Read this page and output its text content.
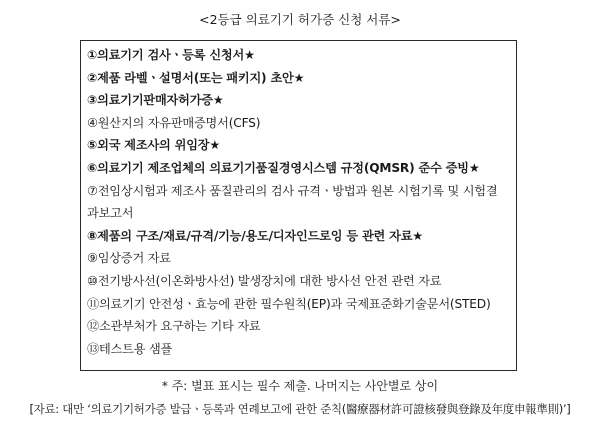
<2등급 의료기기 허가증 신청 서류>
①의료기기 검사ㆍ등록 신청서★
②제품 라벨ㆍ설명서(또는 패키지) 초안★
③의료기기판매자허가증★
④원산지의 자유판매증명서(CFS)
⑤외국 제조사의 위임장★
⑥의료기기 제조업체의 의료기기품질경영시스템 규정(QMSR) 준수 증빙★
⑦전임상시험과 제조사 품질관리의 검사 규격ㆍ방법과 원본 시험기록 및 시험결과보고서
⑧제품의 구조/재료/규격/기능/용도/디자인드로잉 등 관련 자료★
⑨임상증거 자료
⑩전기방사선(이온화방사선) 발생장치에 대한 방사선 안전 관련 자료
⑪의료기기 안전성ㆍ효능에 관한 필수원칙(EP)과 국제표준화기술문서(STED)
⑫소관부처가 요구하는 기타 자료
⑬테스트용 샘플
* 주: 별표 표시는 필수 제출. 나머지는 사안별로 상이
[자료: 대만 ‘의료기기허가증 발급ㆍ등록과 연례보고에 관한 준칙(醫療器材許可證核發與登錄及年度申報準則)’]
